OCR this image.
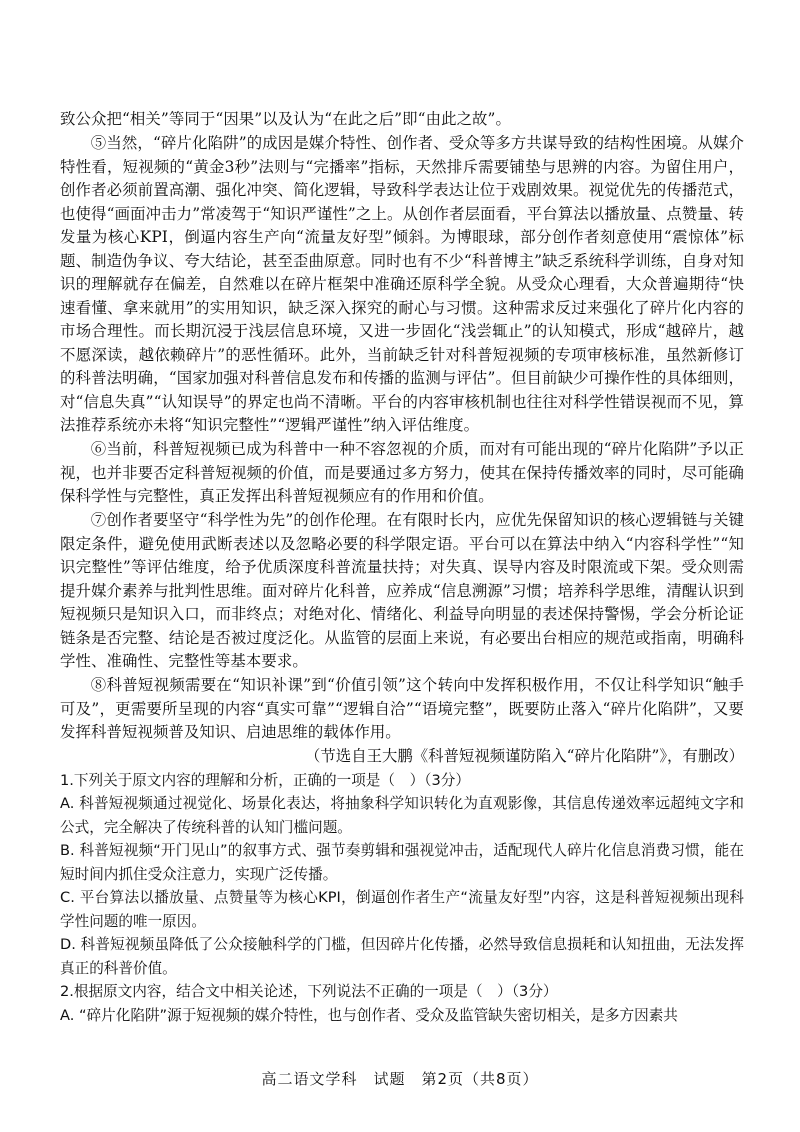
致公众把“相关”等同于“因果”以及认为“在此之后”即“由此之故”。

⑤当然，“碎片化陷阱”的成因是媒介特性、创作者、受众等多方共谋导致的结构性困境。从媒介特性看，短视频的“黄金3秒”法则与“完播率”指标，天然排斥需要铺垫与思辨的内容。为留住用户，创作者必须前置高潮、强化冲突、简化逻辑，导致科学表达让位于戏剧效果。视觉优先的传播范式，也使得“画面冲击力”常凌驾于“知识严谨性”之上。从创作者层面看，平台算法以播放量、点赞量、转发量为核心KPI，倒逼内容生产向“流量友好型”倾斜。为博眼球，部分创作者刻意使用“震惊体”标题、制造伪争议、夸大结论，甚至歪曲原意。同时也有不少“科普博主”缺乏系统科学训练，自身对知识的理解就存在偏差，自然难以在碎片框架中准确还原科学全貌。从受众心理看，大众普遍期待“快速看懂、拿来就用”的实用知识，缺乏深入探究的耐心与习惯。这种需求反过来强化了碎片化内容的市场合理性。而长期沉浸于浅层信息环境，又进一步固化“浅尝辄止”的认知模式，形成“越碎片，越不愿深读，越依赖碎片”的恶性循环。此外，当前缺乏针对科普短视频的专项审核标准，虽然新修订的科普法明确，“国家加强对科普信息发布和传播的监测与评估”。但目前缺少可操作性的具体细则，对“信息失真”“认知误导”的界定也尚不清晰。平台的内容审核机制也往往对科学性错误视而不见，算法推荐系统亦未将“知识完整性”“逻辑严谨性”纳入评估维度。

⑥当前，科普短视频已成为科普中一种不容忽视的介质，而对有可能出现的“碎片化陷阱”予以正视，也并非要否定科普短视频的价值，而是要通过多方努力，使其在保持传播效率的同时，尽可能确保科学性与完整性，真正发挥出科普短视频应有的作用和价值。

⑦创作者要坚守“科学性为先”的创作伦理。在有限时长内，应优先保留知识的核心逻辑链与关键限定条件，避免使用武断表述以及忽略必要的科学限定语。平台可以在算法中纳入“内容科学性”“知识完整性”等评估维度，给予优质深度科普流量扶持；对失真、误导内容及时限流或下架。受众则需提升媒介素养与批判性思维。面对碎片化科普，应养成“信息溯源”习惯；培养科学思维，清醒认识到短视频只是知识入口，而非终点；对绝对化、情绪化、利益导向明显的表述保持警惕，学会分析论证链条是否完整、结论是否被过度泛化。从监管的层面上来说，有必要出台相应的规范或指南，明确科学性、准确性、完整性等基本要求。

⑧科普短视频需要在“知识补课”到“价值引领”这个转向中发挥积极作用，不仅让科学知识“触手可及”，更需要所呈现的内容“真实可靠”“逻辑自洽”“语境完整”，既要防止落入“碎片化陷阱”，又要发挥科普短视频普及知识、启迪思维的载体作用。

（节选自王大鹏《科普短视频谨防陷入“碎片化陷阱”》，有删改）

1.下列关于原文内容的理解和分析，正确的一项是（　）（3分）

A. 科普短视频通过视觉化、场景化表达，将抽象科学知识转化为直观影像，其信息传递效率远超纯文字和公式，完全解决了传统科普的认知门槛问题。

B. 科普短视频“开门见山”的叙事方式、强节奏剪辑和强视觉冲击，适配现代人碎片化信息消费习惯，能在短时间内抓住受众注意力，实现广泛传播。

C. 平台算法以播放量、点赞量等为核心KPI，倒逼创作者生产“流量友好型”内容，这是科普短视频出现科学性问题的唯一原因。

D. 科普短视频虽降低了公众接触科学的门槛，但因碎片化传播，必然导致信息损耗和认知扭曲，无法发挥真正的科普价值。

2.根据原文内容，结合文中相关论述，下列说法不正确的一项是（　）（3分）

A. “碎片化陷阱”源于短视频的媒介特性，也与创作者、受众及监管缺失密切相关，是多方因素共

高二语文学科　试题　第2页（共8页）
